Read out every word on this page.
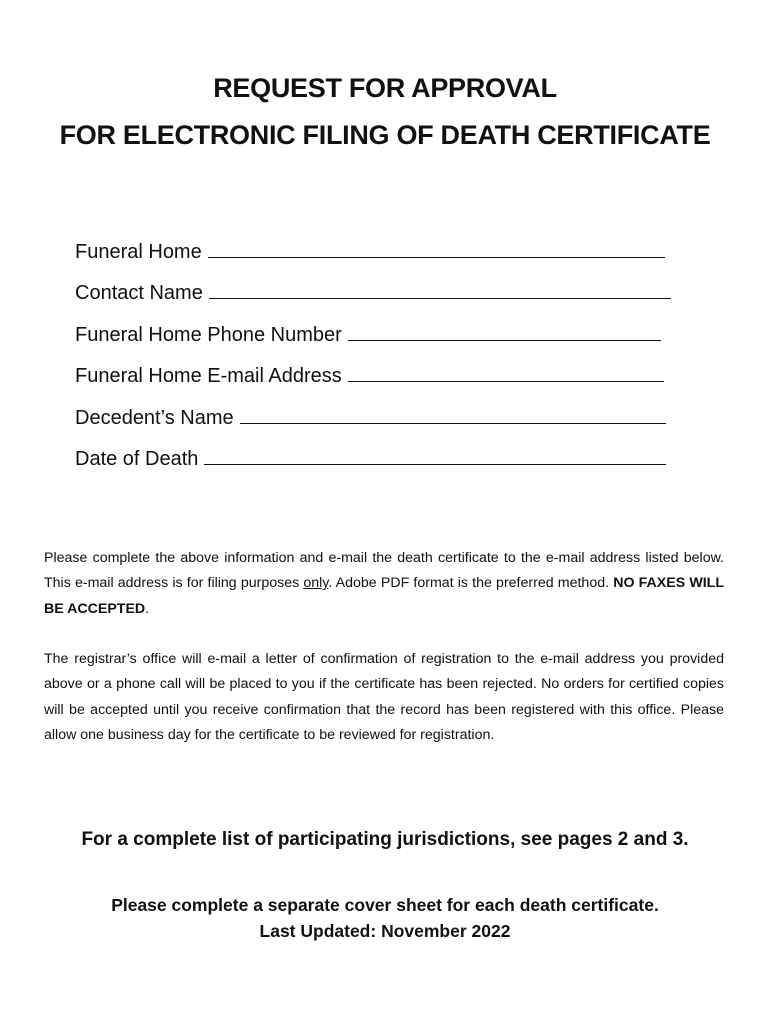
REQUEST FOR APPROVAL
FOR ELECTRONIC FILING OF DEATH CERTIFICATE
Funeral Home
Contact Name
Funeral Home Phone Number
Funeral Home E-mail Address
Decedent’s Name
Date of Death
Please complete the above information and e-mail the death certificate to the e-mail address listed below. This e-mail address is for filing purposes only. Adobe PDF format is the preferred method. NO FAXES WILL BE ACCEPTED.
The registrar’s office will e-mail a letter of confirmation of registration to the e-mail address you provided above or a phone call will be placed to you if the certificate has been rejected. No orders for certified copies will be accepted until you receive confirmation that the record has been registered with this office. Please allow one business day for the certificate to be reviewed for registration.
For a complete list of participating jurisdictions, see pages 2 and 3.
Please complete a separate cover sheet for each death certificate.
Last Updated: November 2022
